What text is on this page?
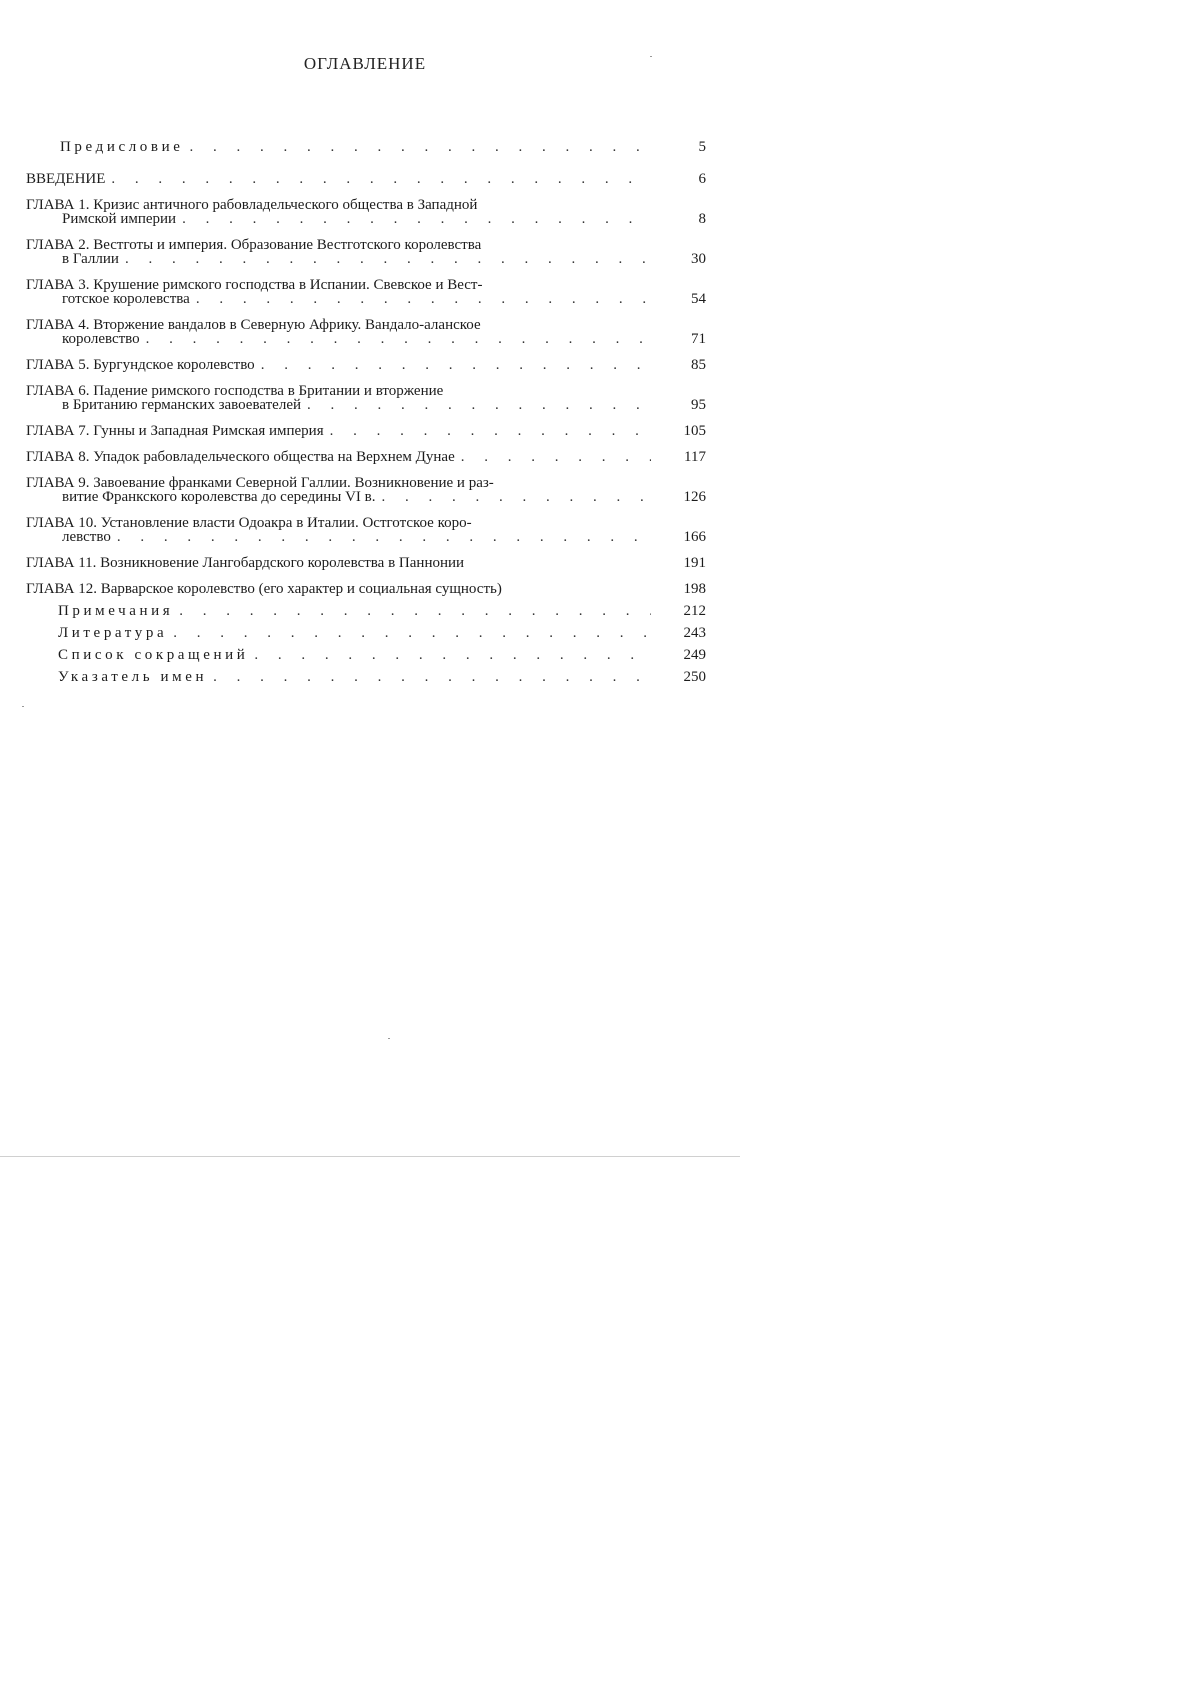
ОГЛАВЛЕНИЕ
Предисловие . . .	5
ВВЕДЕНИЕ . . .	6
ГЛАВА 1. Кризис античного рабовладельческого общества в Западной
Римской империи . . .	8
ГЛАВА 2. Вестготы и империя. Образование Вестготского королевства
в Галлии . . .	30
ГЛАВА 3. Крушение римского господства в Испании. Свевское и Вест-
готское королевства . . .	54
ГЛАВА 4. Вторжение вандалов в Северную Африку. Вандало-аланское
королевство . . .	71
ГЛАВА 5. Бургундское королевство . . .	85
ГЛАВА 6. Падение римского господства в Британии и вторжение
в Британию германских завоевателей . . .	95
ГЛАВА 7. Гунны и Западная Римская империя . . .	105
ГЛАВА 8. Упадок рабовладельческого общества на Верхнем Дунае . . .	117
ГЛАВА 9. Завоевание франками Северной Галлии. Возникновение и раз-
витие Франкского королевства до середины VI в. . . .	126
ГЛАВА 10. Установление власти Одоакра в Италии. Остготское коро-
левство . . .	166
ГЛАВА 11. Возникновение Лангобардского королевства в Паннонии	191
ГЛАВА 12. Варварское королевство (его характер и социальная сущность)	198
Примечания . . .	212
Литература . . .	243
Список сокращений . . .	249
Указатель имен . . .	250
